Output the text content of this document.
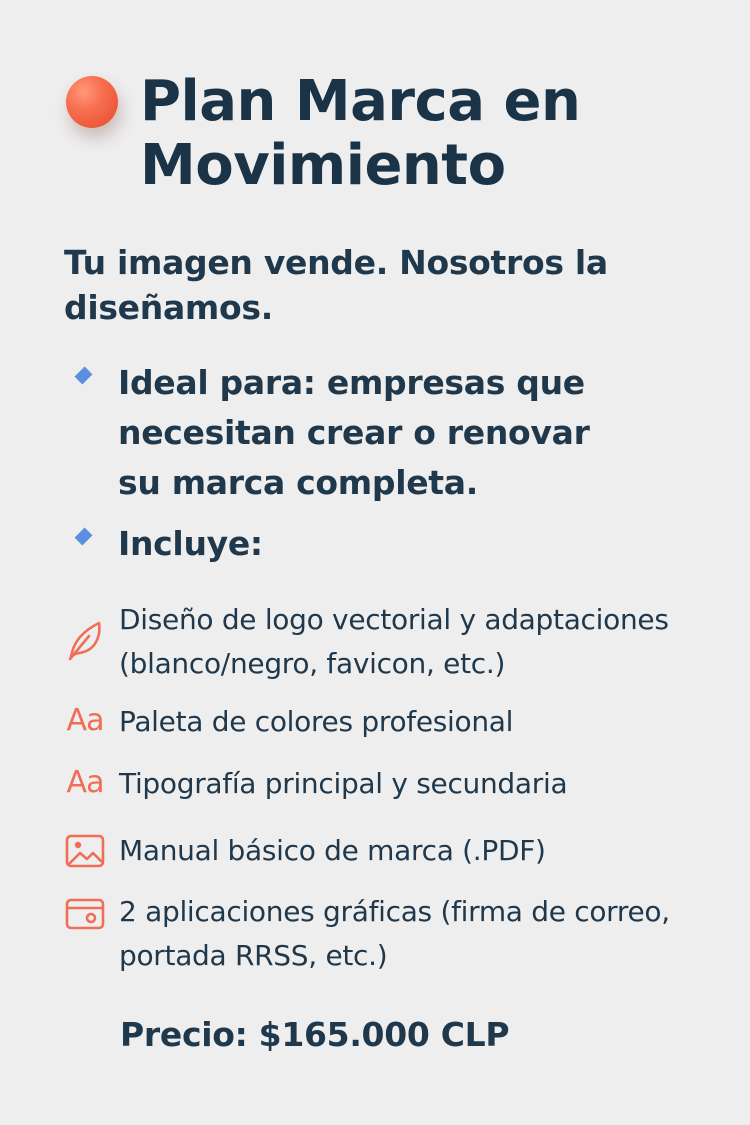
Plan Marca en Movimiento

Tu imagen vende. Nosotros la diseñamos.

Ideal para: empresas que necesitan crear o renovar su marca completa.
Incluye:
Diseño de logo vectorial y adaptaciones (blanco/negro, favicon, etc.)
Aa Paleta de colores profesional
Aa Tipografía principal y secundaria
Manual básico de marca (.PDF)
2 aplicaciones gráficas (firma de correo, portada RRSS, etc.)

Precio: $165.000 CLP
